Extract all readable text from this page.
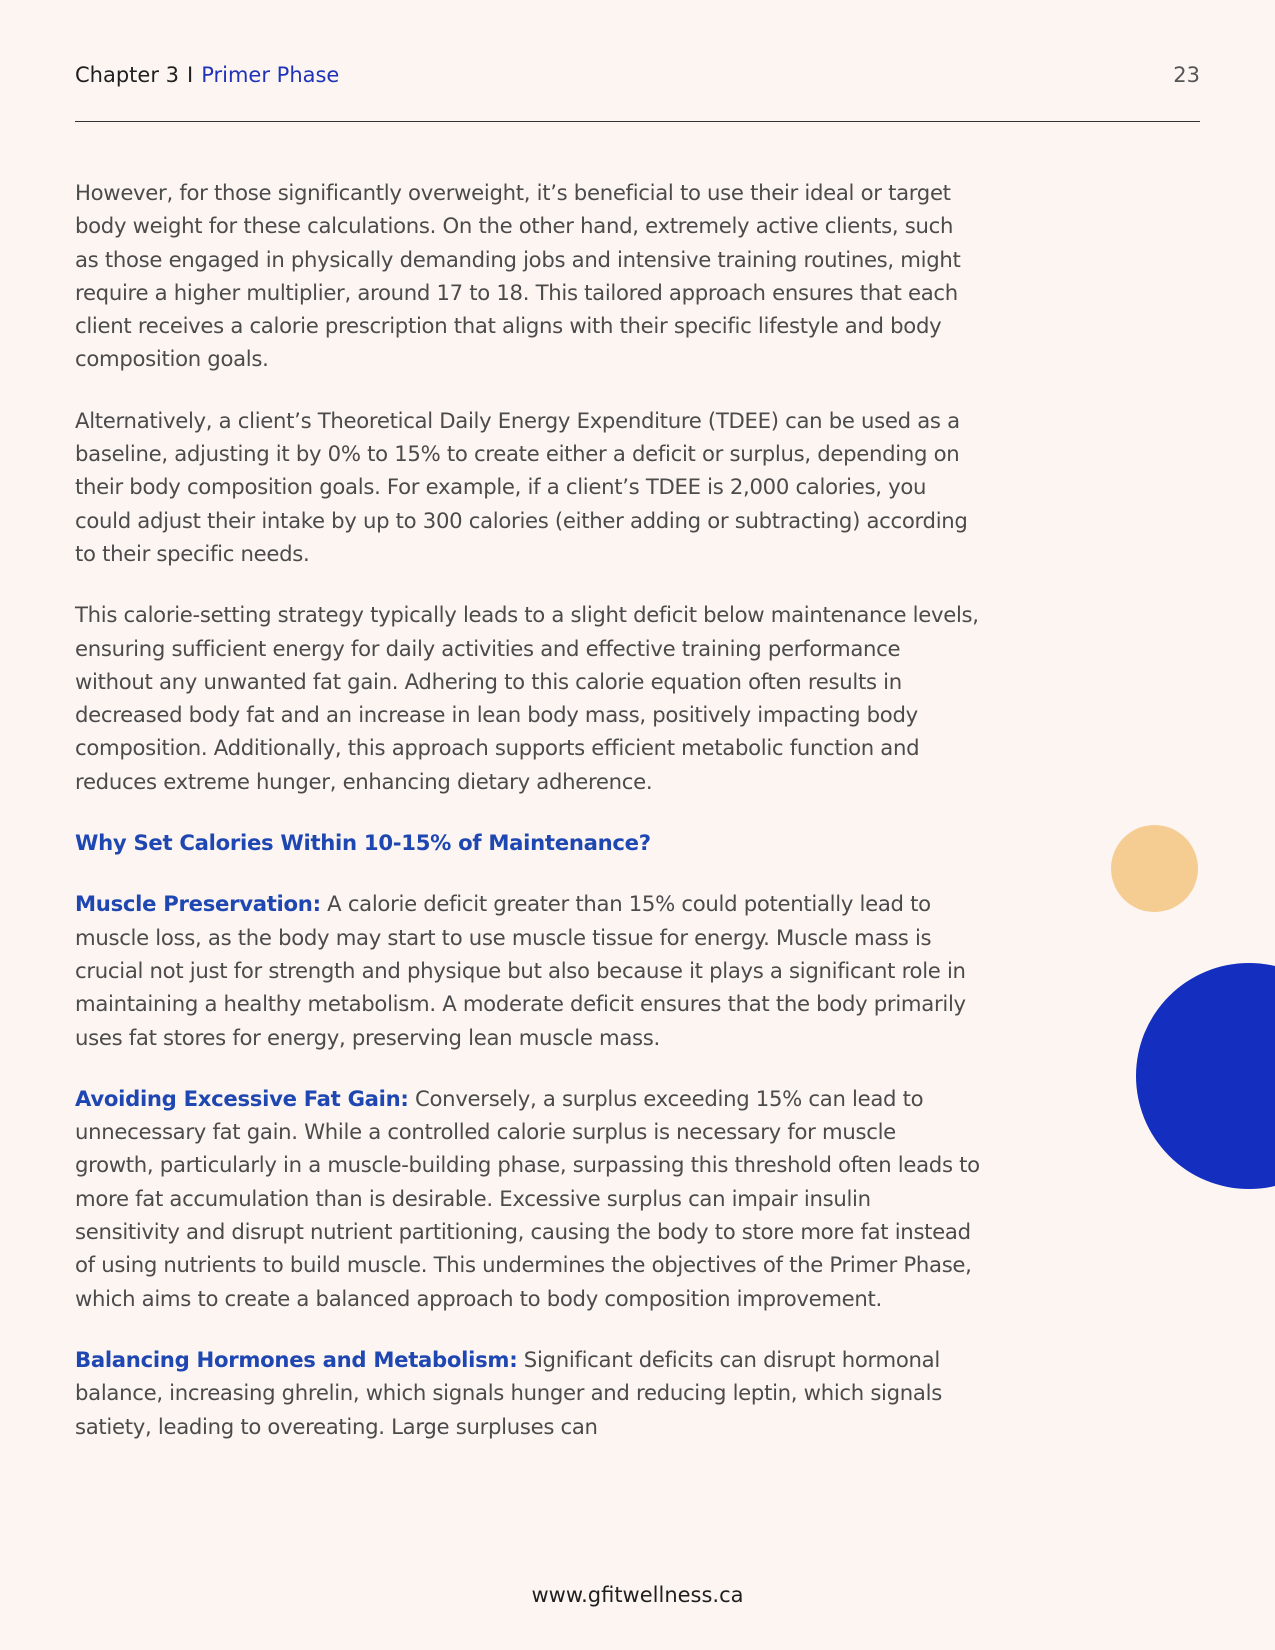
Chapter 3 I Primer Phase	23

However, for those significantly overweight, it’s beneficial to use their ideal or target body weight for these calculations. On the other hand, extremely active clients, such as those engaged in physically demanding jobs and intensive training routines, might require a higher multiplier, around 17 to 18. This tailored approach ensures that each client receives a calorie prescription that aligns with their specific lifestyle and body composition goals.

Alternatively, a client’s Theoretical Daily Energy Expenditure (TDEE) can be used as a baseline, adjusting it by 0% to 15% to create either a deficit or surplus, depending on their body composition goals. For example, if a client’s TDEE is 2,000 calories, you could adjust their intake by up to 300 calories (either adding or subtracting) according to their specific needs.

This calorie-setting strategy typically leads to a slight deficit below maintenance levels, ensuring sufficient energy for daily activities and effective training performance without any unwanted fat gain. Adhering to this calorie equation often results in decreased body fat and an increase in lean body mass, positively impacting body composition. Additionally, this approach supports efficient metabolic function and reduces extreme hunger, enhancing dietary adherence.

Why Set Calories Within 10-15% of Maintenance?

Muscle Preservation: A calorie deficit greater than 15% could potentially lead to muscle loss, as the body may start to use muscle tissue for energy. Muscle mass is crucial not just for strength and physique but also because it plays a significant role in maintaining a healthy metabolism. A moderate deficit ensures that the body primarily uses fat stores for energy, preserving lean muscle mass.

Avoiding Excessive Fat Gain: Conversely, a surplus exceeding 15% can lead to unnecessary fat gain. While a controlled calorie surplus is necessary for muscle growth, particularly in a muscle-building phase, surpassing this threshold often leads to more fat accumulation than is desirable. Excessive surplus can impair insulin sensitivity and disrupt nutrient partitioning, causing the body to store more fat instead of using nutrients to build muscle. This undermines the objectives of the Primer Phase, which aims to create a balanced approach to body composition improvement.

Balancing Hormones and Metabolism: Significant deficits can disrupt hormonal balance, increasing ghrelin, which signals hunger and reducing leptin, which signals satiety, leading to overeating. Large surpluses can

www.gfitwellness.ca
